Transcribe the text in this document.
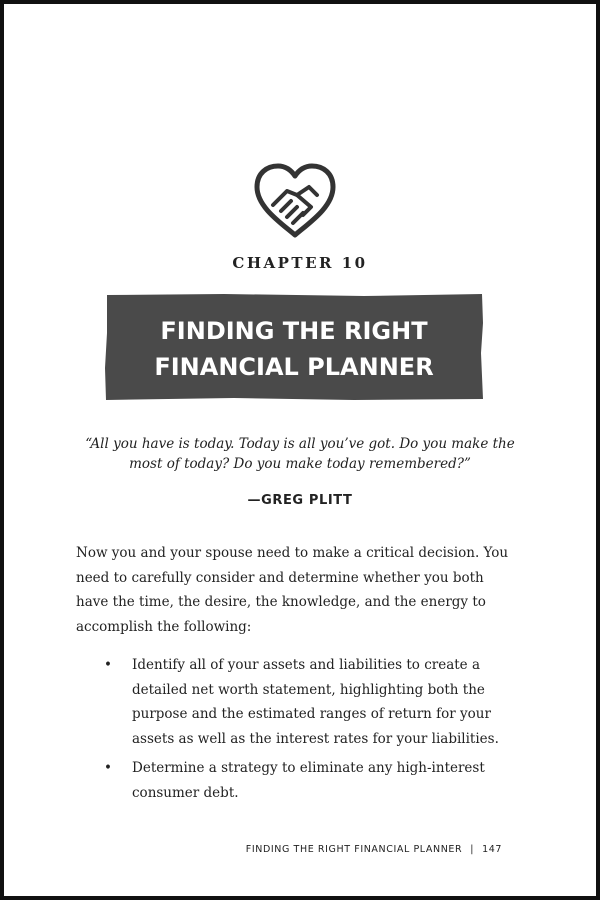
CHAPTER 10
FINDING THE RIGHT
FINANCIAL PLANNER
“All you have is today. Today is all you’ve got. Do you make the most of today? Do you make today remembered?”
—GREG PLITT

Now you and your spouse need to make a critical decision. You need to carefully consider and determine whether you both have the time, the desire, the knowledge, and the energy to accomplish the following:

• Identify all of your assets and liabilities to create a detailed net worth statement, highlighting both the purpose and the estimated ranges of return for your assets as well as the interest rates for your liabilities.
• Determine a strategy to eliminate any high-interest consumer debt.
FINDING THE RIGHT FINANCIAL PLANNER | 147
